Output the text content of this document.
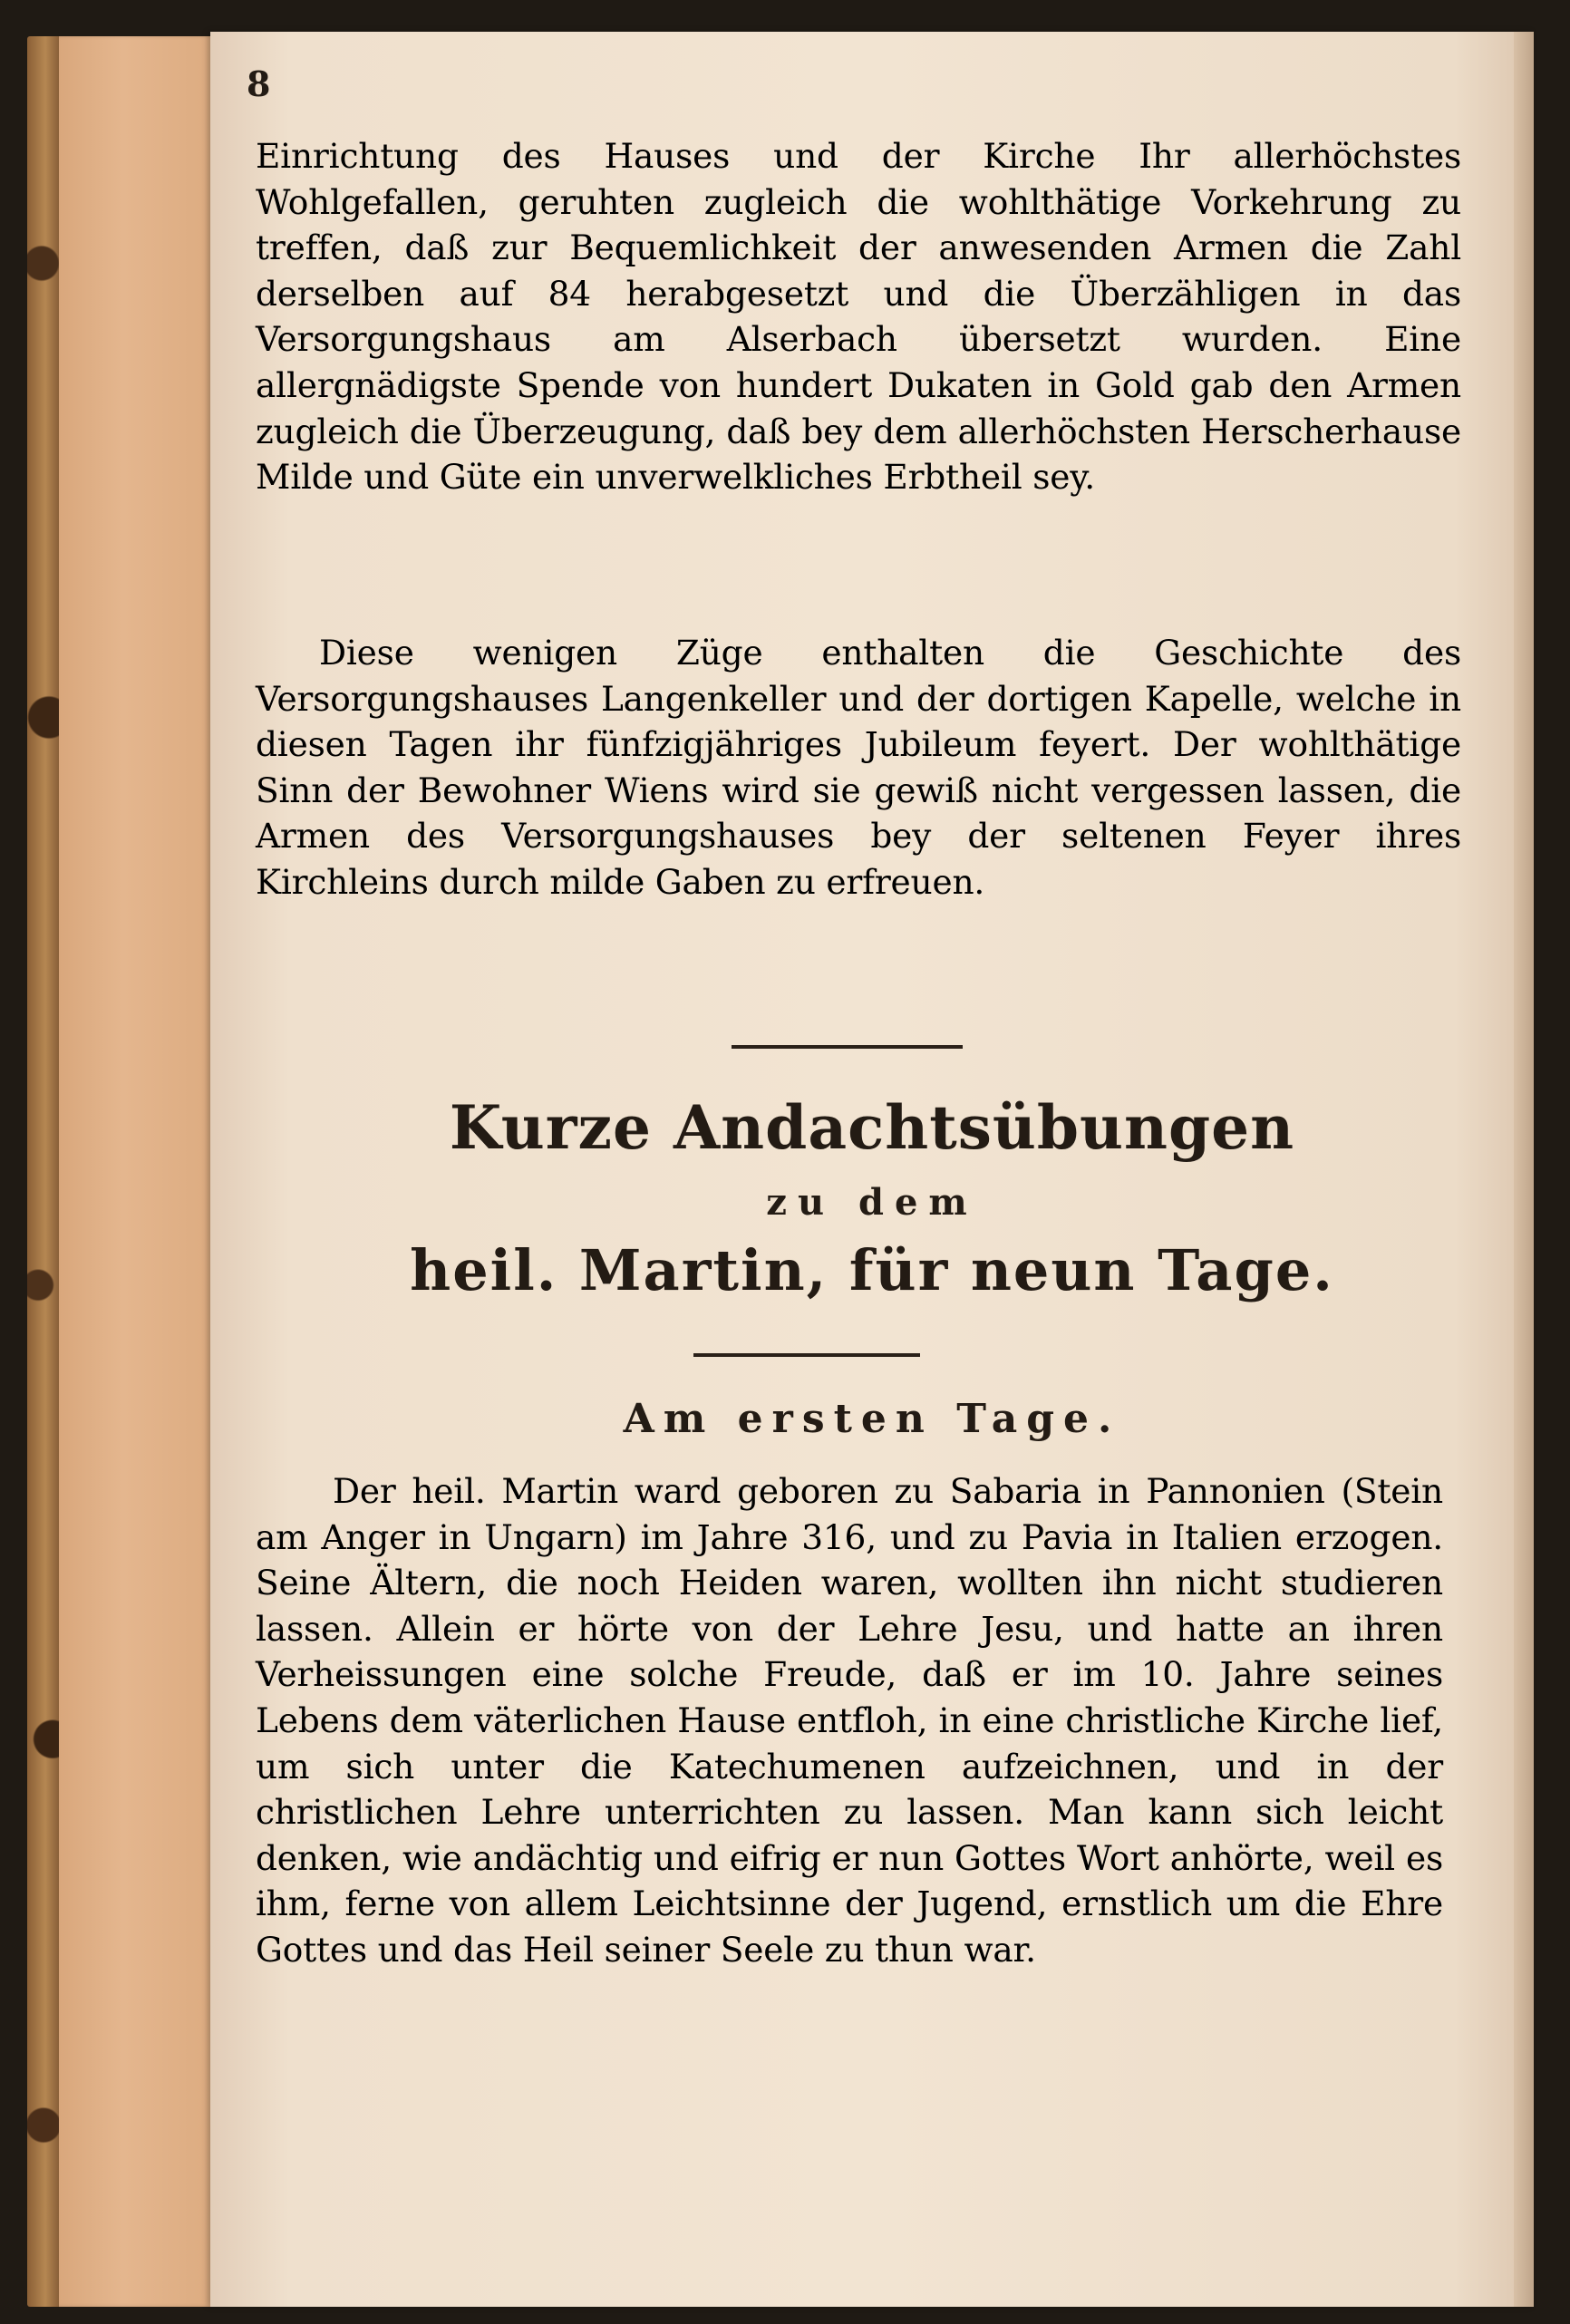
8

Einrichtung des Hauses und der Kirche Ihr allerhöchstes Wohlgefallen, geruhten zugleich die wohlthätige Vorkehrung zu treffen, daß zur Bequemlichkeit der anwesenden Armen die Zahl derselben auf 84 herabgesetzt und die Überzähligen in das Versorgungshaus am Alserbach übersetzt wurden. Eine allergnädigste Spende von hundert Dukaten in Gold gab den Armen zugleich die Überzeugung, daß bey dem allerhöchsten Herscherhause Milde und Güte ein unverwelkliches Erbtheil sey.

Diese wenigen Züge enthalten die Geschichte des Versorgungshauses Langenkeller und der dortigen Kapelle, welche in diesen Tagen ihr fünfzigjähriges Jubileum feyert. Der wohlthätige Sinn der Bewohner Wiens wird sie gewiß nicht vergessen lassen, die Armen des Versorgungshauses bey der seltenen Feyer ihres Kirchleins durch milde Gaben zu erfreuen.

Kurze Andachtsübungen
zu dem
heil. Martin, für neun Tage.
Am ersten Tage.

Der heil. Martin ward geboren zu Sabaria in Pannonien (Stein am Anger in Ungarn) im Jahre 316, und zu Pavia in Italien erzogen. Seine Ältern, die noch Heiden waren, wollten ihn nicht studieren lassen. Allein er hörte von der Lehre Jesu, und hatte an ihren Verheissungen eine solche Freude, daß er im 10. Jahre seines Lebens dem väterlichen Hause entfloh, in eine christliche Kirche lief, um sich unter die Katechumenen aufzeichnen, und in der christlichen Lehre unterrichten zu lassen. Man kann sich leicht denken, wie andächtig und eifrig er nun Gottes Wort anhörte, weil es ihm, ferne von allem Leichtsinne der Jugend, ernstlich um die Ehre Gottes und das Heil seiner Seele zu thun war.
